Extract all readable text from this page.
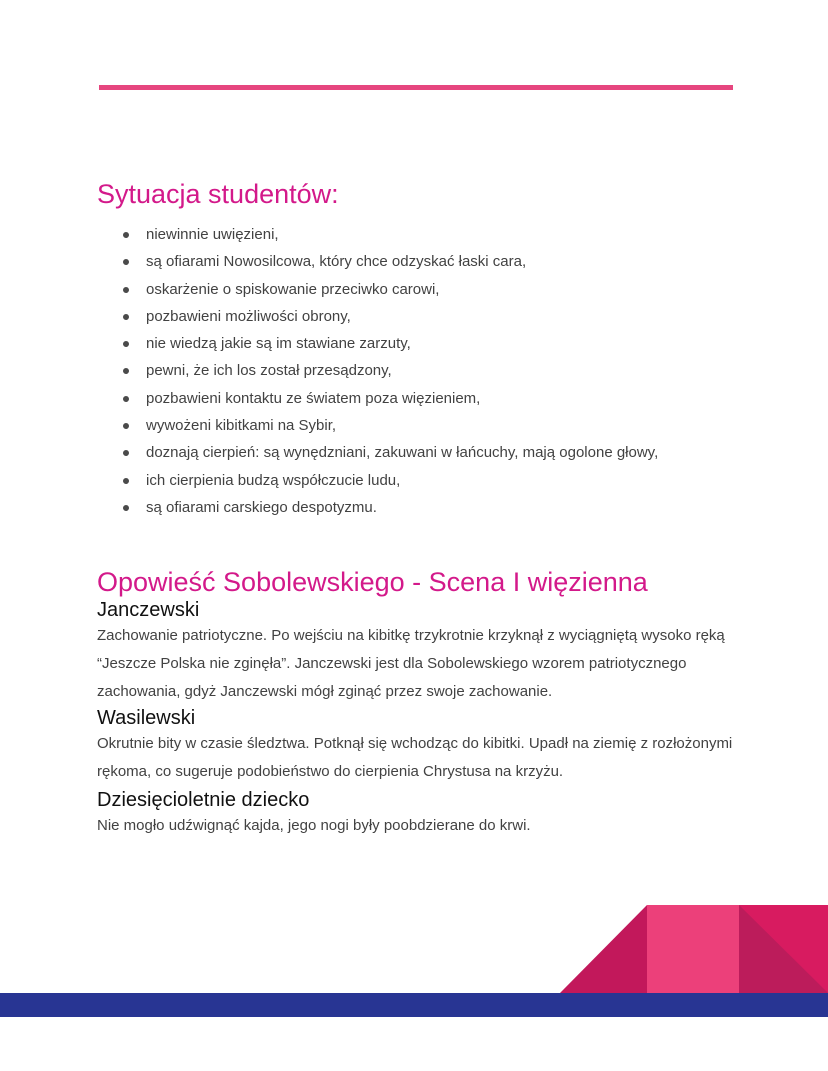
Sytuacja studentów:
niewinnie uwięzieni,
są ofiarami Nowosilcowa, który chce odzyskać łaski cara,
oskarżenie o spiskowanie przeciwko carowi,
pozbawieni możliwości obrony,
nie wiedzą jakie są im stawiane zarzuty,
pewni, że ich los został przesądzony,
pozbawieni kontaktu ze światem poza więzieniem,
wywożeni kibitkami na Sybir,
doznają cierpień: są wynędzniani, zakuwani w łańcuchy, mają ogolone głowy,
ich cierpienia budzą współczucie ludu,
są ofiarami carskiego despotyzmu.
Opowieść Sobolewskiego - Scena I więzienna
Janczewski

Zachowanie patriotyczne. Po wejściu na kibitkę trzykrotnie krzyknął z wyciągniętą wysoko ręką “Jeszcze Polska nie zginęła”. Janczewski jest dla Sobolewskiego wzorem patriotycznego zachowania, gdyż Janczewski mógł zginąć przez swoje zachowanie.

Wasilewski

Okrutnie bity w czasie śledztwa. Potknął się wchodząc do kibitki. Upadł na ziemię z rozłożonymi rękoma, co sugeruje podobieństwo do cierpienia Chrystusa na krzyżu.

Dziesięcioletnie dziecko

Nie mogło udźwignąć kajda, jego nogi były poobdzierane do krwi.
